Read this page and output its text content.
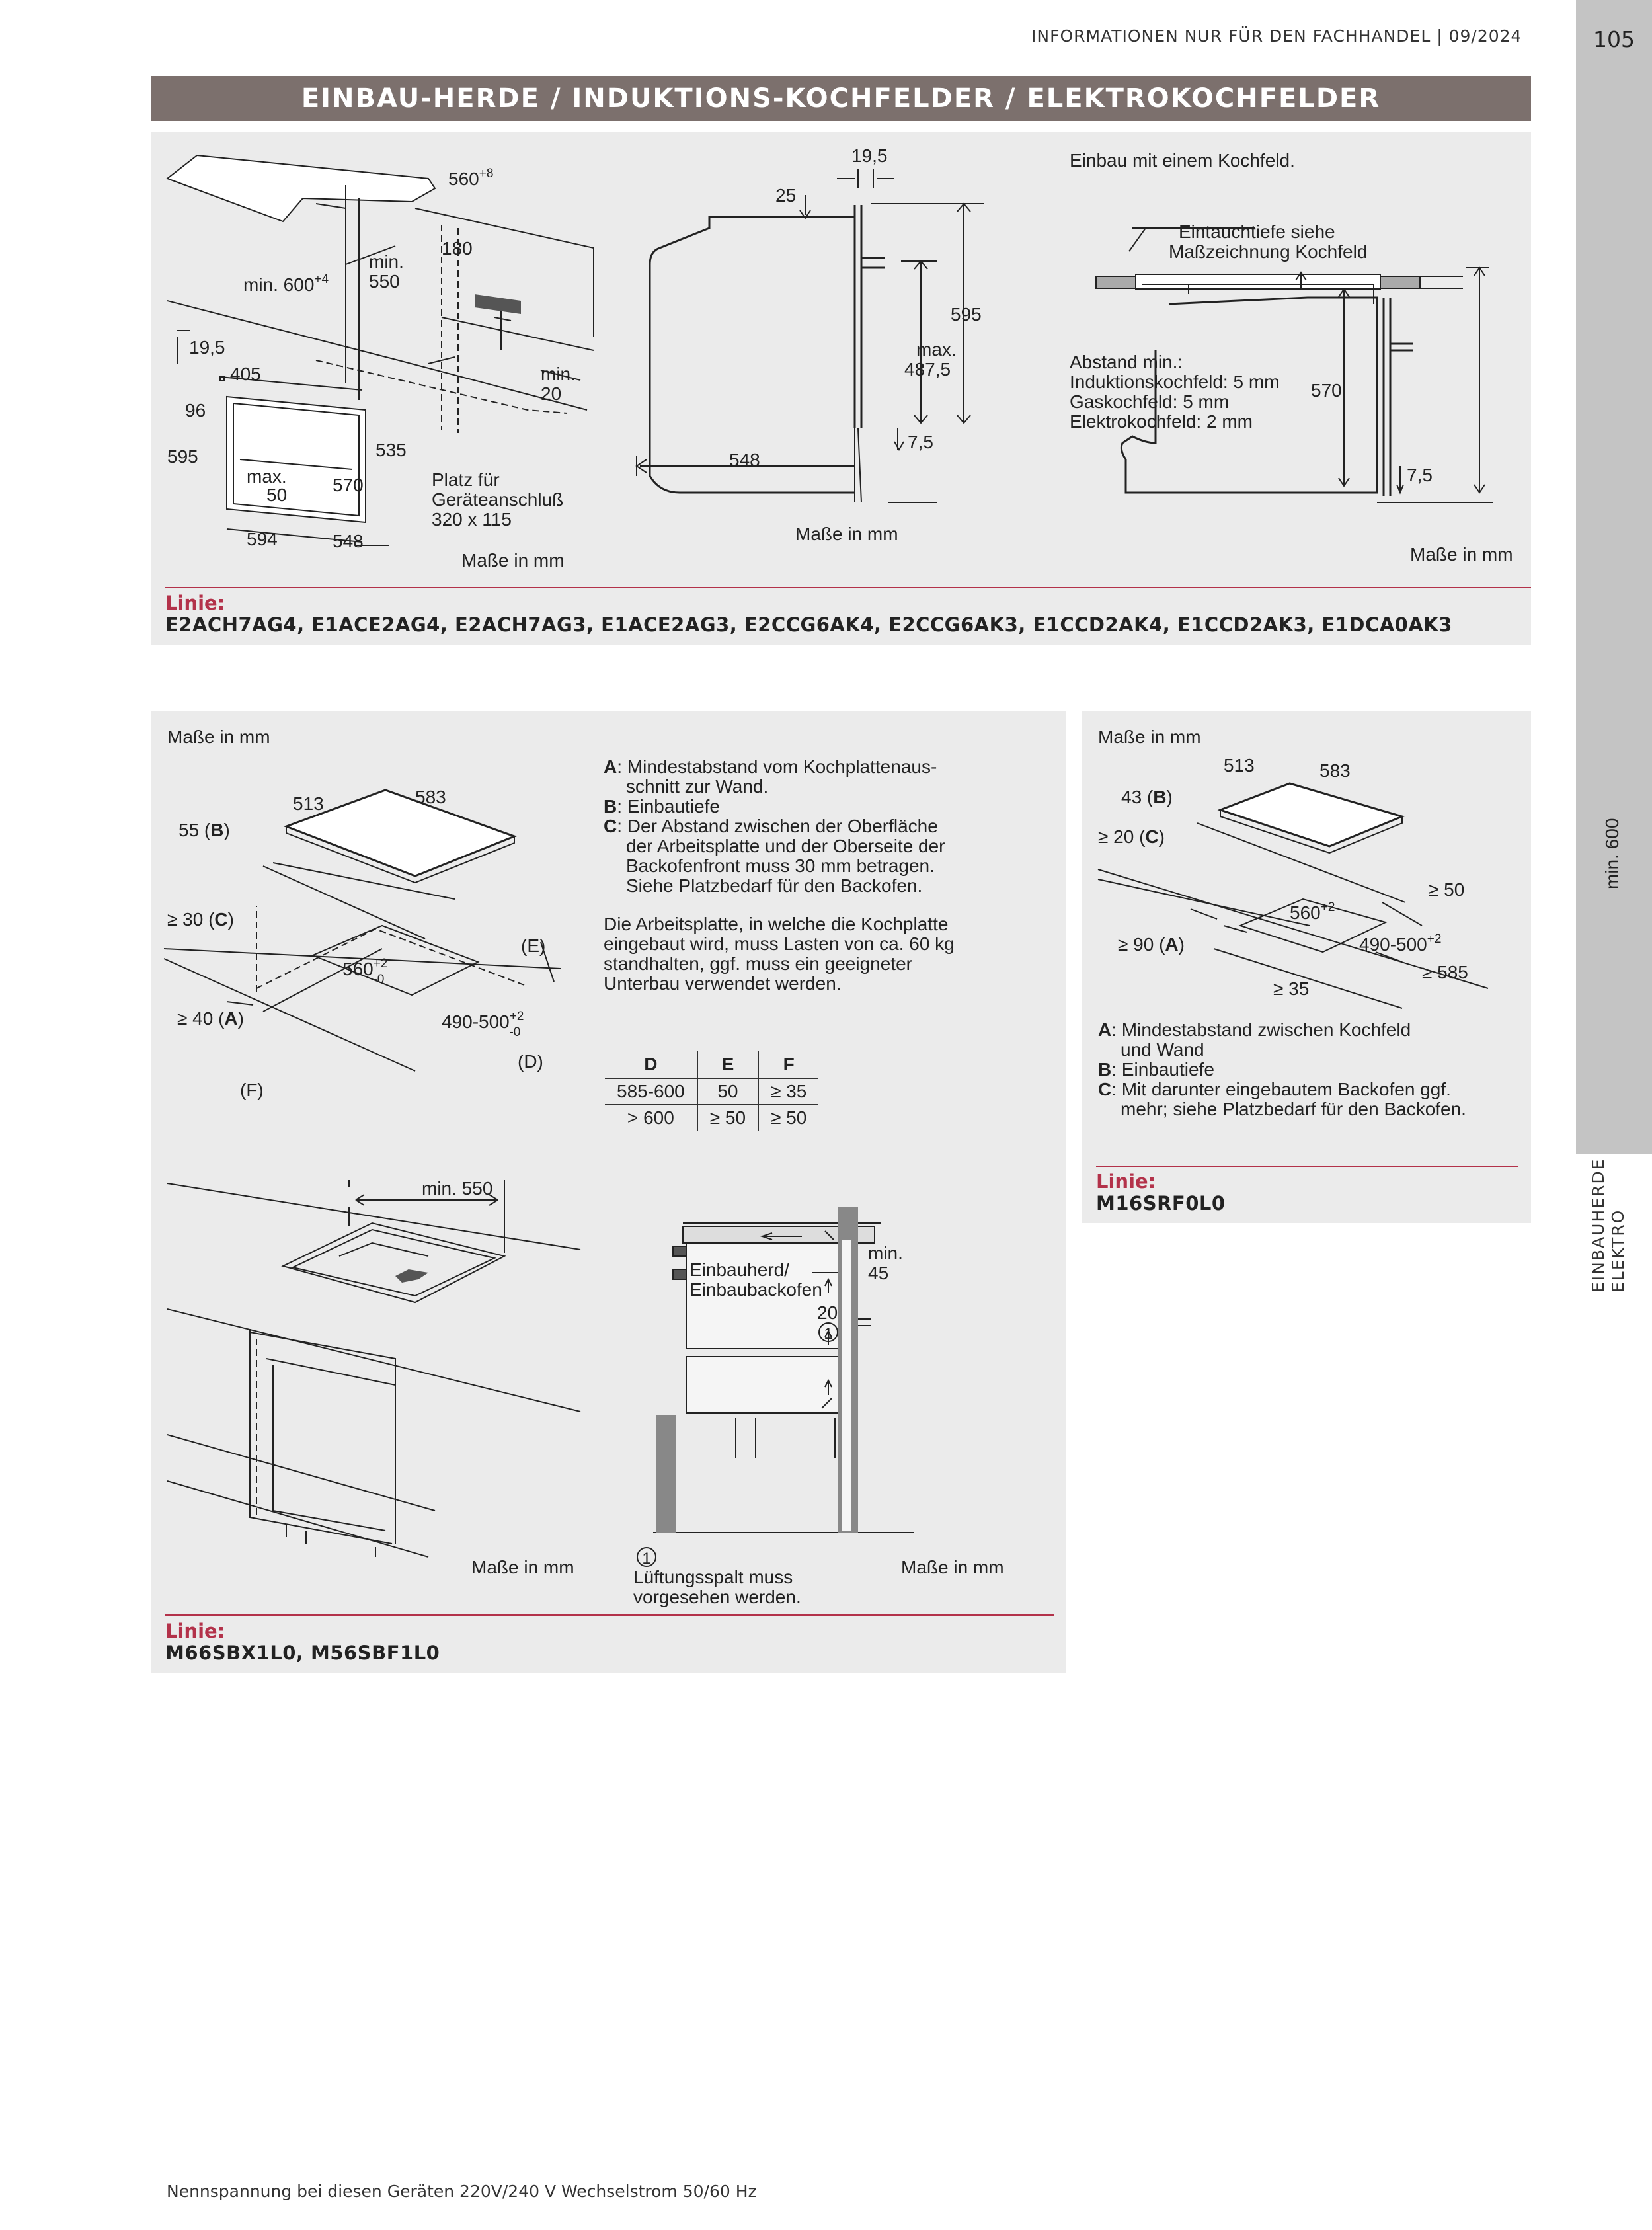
INFORMATIONEN NUR FÜR DEN FACHHANDEL | 09/2024	105
EINBAUHERDE
ELEKTRO
EINBAU-HERDE / INDUKTIONS-KOCHFELDER / ELEKTROKOCHFELDER
$560^{+8}$
min. $600^{+4}$
min.
550
180
19,5
405
96
595
max.
50 570
535
min.
20
Platz für
Geräteanschluß
320 x 115
594	548
Maße in mm
19,5
25
595
max.
487,5
548
7,5
Maße in mm
Einbau mit einem Kochfeld.
Eintauchtiefe siehe
Maßzeichnung Kochfeld
Abstand min.:
Induktionskochfeld: 5 mm
Gaskochfeld: 5 mm
Elektrokochfeld: 2 mm
570
min. 600
7,5
Maße in mm
Linie:
E2ACH7AG4, E1ACE2AG4, E2ACH7AG3, E1ACE2AG3, E2CCG6AK4, E2CCG6AK3, E1CCD2AK4, E1CCD2AK3, E1DCA0AK3
Maße in mm
513	583
55 (B)
≥ 30 (C)
≥ 40 (A)
(E)
(D)
(F)
$560^{+2}$ -0
$490-500^{+2}$ -0
A: Mindestabstand vom Kochplattenaus-
schnitt zur Wand.
B: Einbautiefe
C: Der Abstand zwischen der Oberfläche
der Arbeitsplatte und der Oberseite der
Backofenfront muss 30 mm betragen.
Siehe Platzbedarf für den Backofen.
Die Arbeitsplatte, in welche die Kochplatte
eingebaut wird, muss Lasten von ca. 60 kg
standhalten, ggf. muss ein geeigneter
Unterbau verwendet werden.
D	E	F
585-600	50	≥ 35
> 600	≥ 50	≥ 50
min. 550
Maße in mm
min.
45
Einbauherd/
Einbaubackofen
20
1
1
Lüftungsspalt muss
vorgesehen werden.
Maße in mm
Linie:
M66SBX1L0, M56SBF1L0
Maße in mm
513	583
43 (B)
≥ 20 (C)
≥ 50
$560^{+2}$
$490-500^{+2}$
≥ 90 (A)
≥ 35
≥ 585
A: Mindestabstand zwischen Kochfeld
und Wand
B: Einbautiefe
C: Mit darunter eingebautem Backofen ggf.
mehr; siehe Platzbedarf für den Backofen.
Linie:
M16SRF0L0
Nennspannung bei diesen Geräten 220V/240 V Wechselstrom 50/60 Hz
